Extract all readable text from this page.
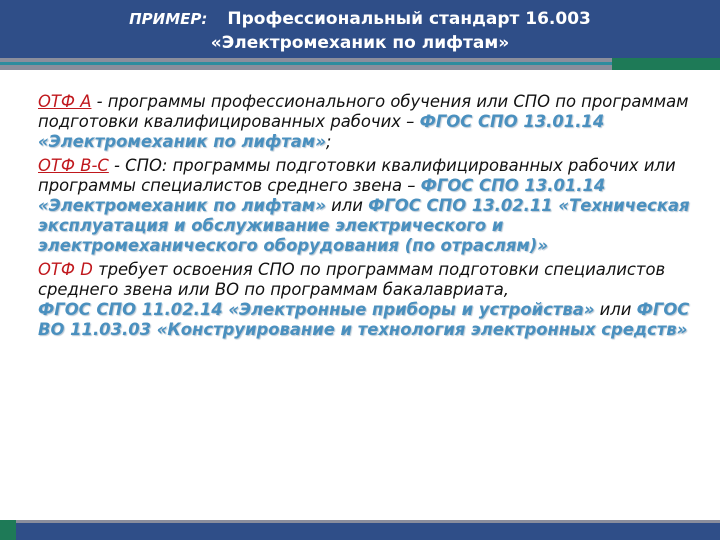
ПРИМЕР: Профессиональный стандарт 16.003
«Электромеханик по лифтам»

ОТФ А - программы профессионального обучения или СПО по программам подготовки квалифицированных рабочих – ФГОС СПО 13.01.14 «Электромеханик по лифтам»;

ОТФ В-С - СПО: программы подготовки квалифицированных рабочих или программы специалистов среднего звена – ФГОС СПО 13.01.14 «Электромеханик по лифтам» или ФГОС СПО 13.02.11 «Техническая эксплуатация и обслуживание электрического и электромеханического оборудования (по отраслям)»

ОТФ D требует освоения СПО по программам подготовки специалистов среднего звена или ВО по программам бакалавриата,
ФГОС СПО 11.02.14 «Электронные приборы и устройства» или ФГОС ВО 11.03.03 «Конструирование и технология электронных средств»
